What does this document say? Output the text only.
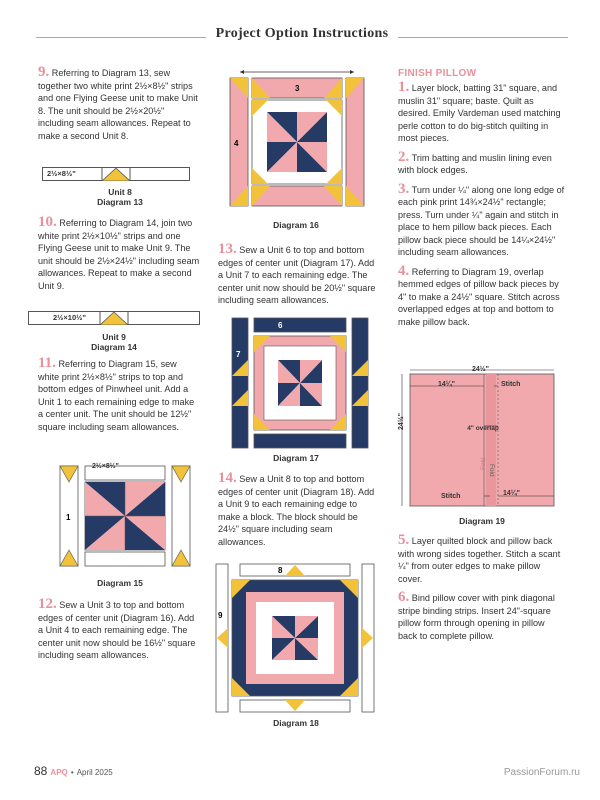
Project Option Instructions

9. Referring to Diagram 13, sew together two white print 2½×8½" strips and one Flying Geese unit to make Unit 8. The unit should be 2½×20½" including seam allowances. Repeat to make a second Unit 8.

2½×8½"
Unit 8
Diagram 13

10. Referring to Diagram 14, join two white print 2½×10½" strips and one Flying Geese unit to make Unit 9. The unit should be 2½×24½" including seam allowances. Repeat to make a second Unit 9.

2½×10½"
Unit 9
Diagram 14

11. Referring to Diagram 15, sew white print 2½×8½" strips to top and bottom edges of Pinwheel unit. Add a Unit 1 to each remaining edge to make a center unit. The unit should be 12½" square including seam allowances.

1
2½×8½"
Diagram 15

12. Sew a Unit 3 to top and bottom edges of center unit (Diagram 16). Add a Unit 4 to each remaining edge. The center unit now should be 16½" square including seam allowances.

3
4
Diagram 16

13. Sew a Unit 6 to top and bottom edges of center unit (Diagram 17). Add a Unit 7 to each remaining edge. The center unit now should be 20½" square including seam allowances.

6
7
Diagram 17

14. Sew a Unit 8 to top and bottom edges of center unit (Diagram 18). Add a Unit 9 to each remaining edge to make a block. The block should be 24½" square including seam allowances.

8
9
Diagram 18
FINISH PILLOW

1. Layer block, batting 31" square, and muslin 31" square; baste. Quilt as desired. Emily Vardeman used matching perle cotton to do big-stitch quilting in most pieces.

2. Trim batting and muslin lining even with block edges.

3. Turn under ¼" along one long edge of each pink print 14¾×24½" rectangle; press. Turn under ¼" again and stitch in place to hem pillow back pieces. Each pillow back piece should be 14¼×24½" including seam allowances.

4. Referring to Diagram 19, overlap hemmed edges of pillow back pieces by 4" to make a 24½" square. Stitch across overlapped edges at top and bottom to make pillow back.

24½"
24½"
14¼"	Stitch
4" overlap
Stitch	14¼"
Fold
Fold
Diagram 19

5. Layer quilted block and pillow back with wrong sides together. Stitch a scant ¼" from outer edges to make pillow cover.

6. Bind pillow cover with pink diagonal stripe binding strips. Insert 24"-square pillow form through opening in pillow back to complete pillow.

88 APQ • April 2025	PassionForum.ru
